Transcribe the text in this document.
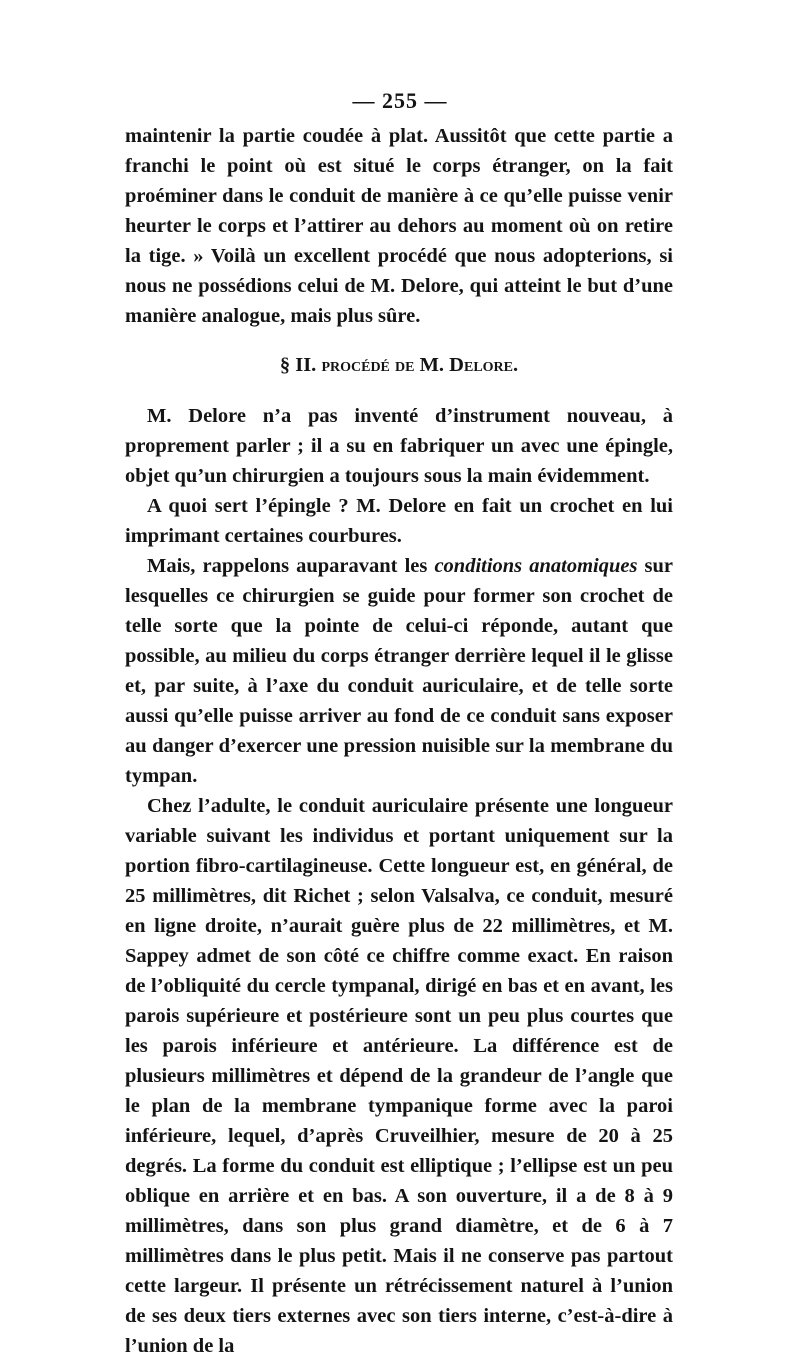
— 255 —

maintenir la partie coudée à plat. Aussitôt que cette partie a franchi le point où est situé le corps étranger, on la fait proéminer dans le conduit de manière à ce qu’elle puisse venir heurter le corps et l’attirer au dehors au moment où on retire la tige. » Voilà un excellent procédé que nous adopterions, si nous ne possédions celui de M. Delore, qui atteint le but d’une manière analogue, mais plus sûre.

§ II. procédé de M. Delore.

M. Delore n’a pas inventé d’instrument nouveau, à proprement parler ; il a su en fabriquer un avec une épingle, objet qu’un chirurgien a toujours sous la main évidemment.

A quoi sert l’épingle ? M. Delore en fait un crochet en lui imprimant certaines courbures.

Mais, rappelons auparavant les conditions anatomiques sur lesquelles ce chirurgien se guide pour former son crochet de telle sorte que la pointe de celui-ci réponde, autant que possible, au milieu du corps étranger derrière lequel il le glisse et, par suite, à l’axe du conduit auriculaire, et de telle sorte aussi qu’elle puisse arriver au fond de ce conduit sans exposer au danger d’exercer une pression nuisible sur la membrane du tympan.

Chez l’adulte, le conduit auriculaire présente une longueur variable suivant les individus et portant uniquement sur la portion fibro-cartilagineuse. Cette longueur est, en général, de 25 millimètres, dit Richet ; selon Valsalva, ce conduit, mesuré en ligne droite, n’aurait guère plus de 22 millimètres, et M. Sappey admet de son côté ce chiffre comme exact. En raison de l’obliquité du cercle tympanal, dirigé en bas et en avant, les parois supérieure et postérieure sont un peu plus courtes que les parois inférieure et antérieure. La différence est de plusieurs millimètres et dépend de la grandeur de l’angle que le plan de la membrane tympanique forme avec la paroi inférieure, lequel, d’après Cruveilhier, mesure de 20 à 25 degrés. La forme du conduit est elliptique ; l’ellipse est un peu oblique en arrière et en bas. A son ouverture, il a de 8 à 9 millimètres, dans son plus grand diamètre, et de 6 à 7 millimètres dans le plus petit. Mais il ne conserve pas partout cette largeur. Il présente un rétrécissement naturel à l’union de ses deux tiers externes avec son tiers interne, c’est-à-dire à l’union de la
